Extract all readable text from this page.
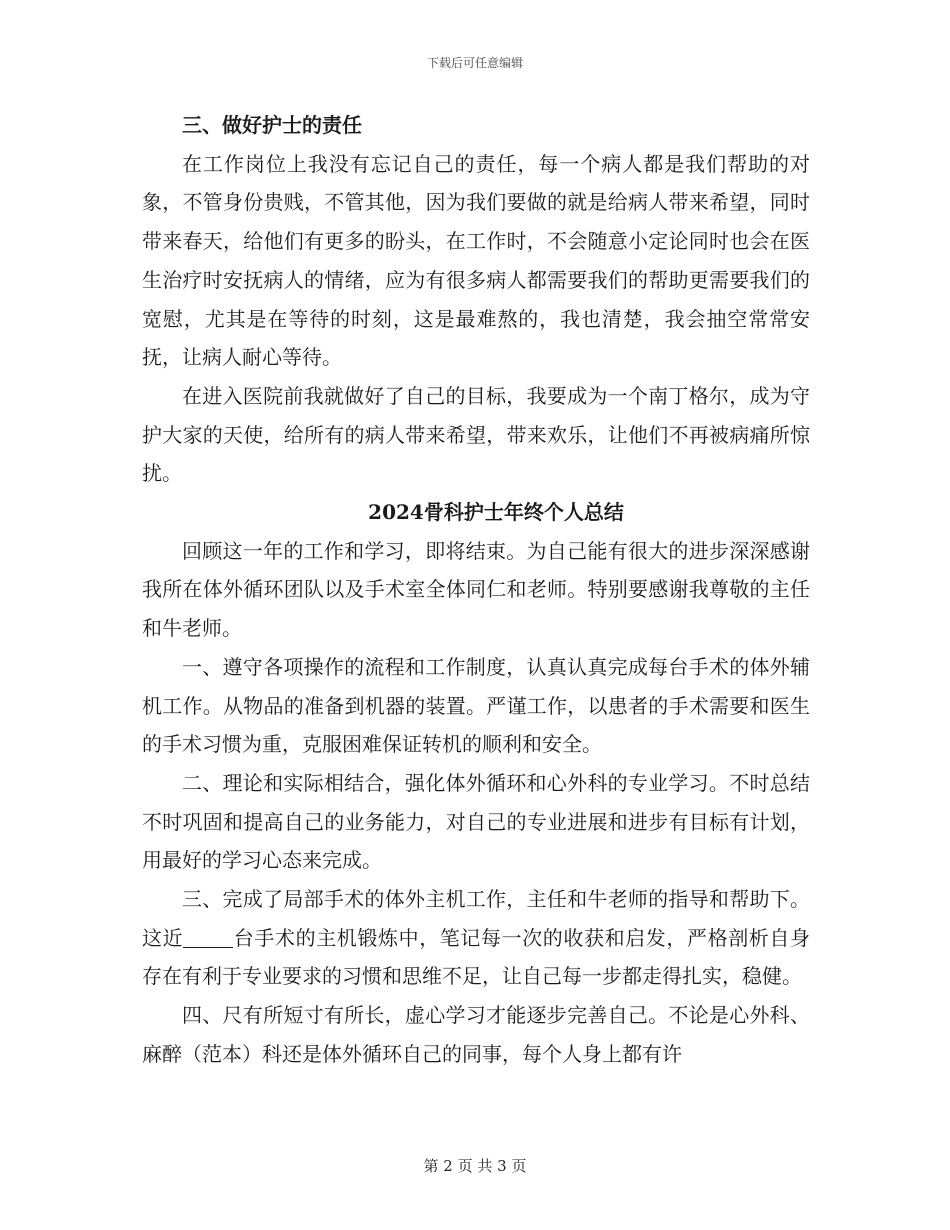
下载后可任意编辑

三、做好护士的责任

在工作岗位上我没有忘记自己的责任，每一个病人都是我们帮助的对象，不管身份贵贱，不管其他，因为我们要做的就是给病人带来希望，同时带来春天，给他们有更多的盼头，在工作时，不会随意小定论同时也会在医生治疗时安抚病人的情绪，应为有很多病人都需要我们的帮助更需要我们的宽慰，尤其是在等待的时刻，这是最难熬的，我也清楚，我会抽空常常安抚，让病人耐心等待。

在进入医院前我就做好了自己的目标，我要成为一个南丁格尔，成为守护大家的天使，给所有的病人带来希望，带来欢乐，让他们不再被病痛所惊扰。

2024骨科护士年终个人总结

回顾这一年的工作和学习，即将结束。为自己能有很大的进步深深感谢我所在体外循环团队以及手术室全体同仁和老师。特别要感谢我尊敬的主任和牛老师。

一、遵守各项操作的流程和工作制度，认真认真完成每台手术的体外辅机工作。从物品的准备到机器的装置。严谨工作，以患者的手术需要和医生的手术习惯为重，克服困难保证转机的顺利和安全。

二、理论和实际相结合，强化体外循环和心外科的专业学习。不时总结不时巩固和提高自己的业务能力，对自己的专业进展和进步有目标有计划，用最好的学习心态来完成。

三、完成了局部手术的体外主机工作，主任和牛老师的指导和帮助下。这近	台手术的主机锻炼中，笔记每一次的收获和启发，严格剖析自身存在有利于专业要求的习惯和思维不足，让自己每一步都走得扎实，稳健。

四、尺有所短寸有所长，虚心学习才能逐步完善自己。不论是心外科、麻醉（范本）科还是体外循环自己的同事，每个人身上都有许

第 2 页 共 3 页
